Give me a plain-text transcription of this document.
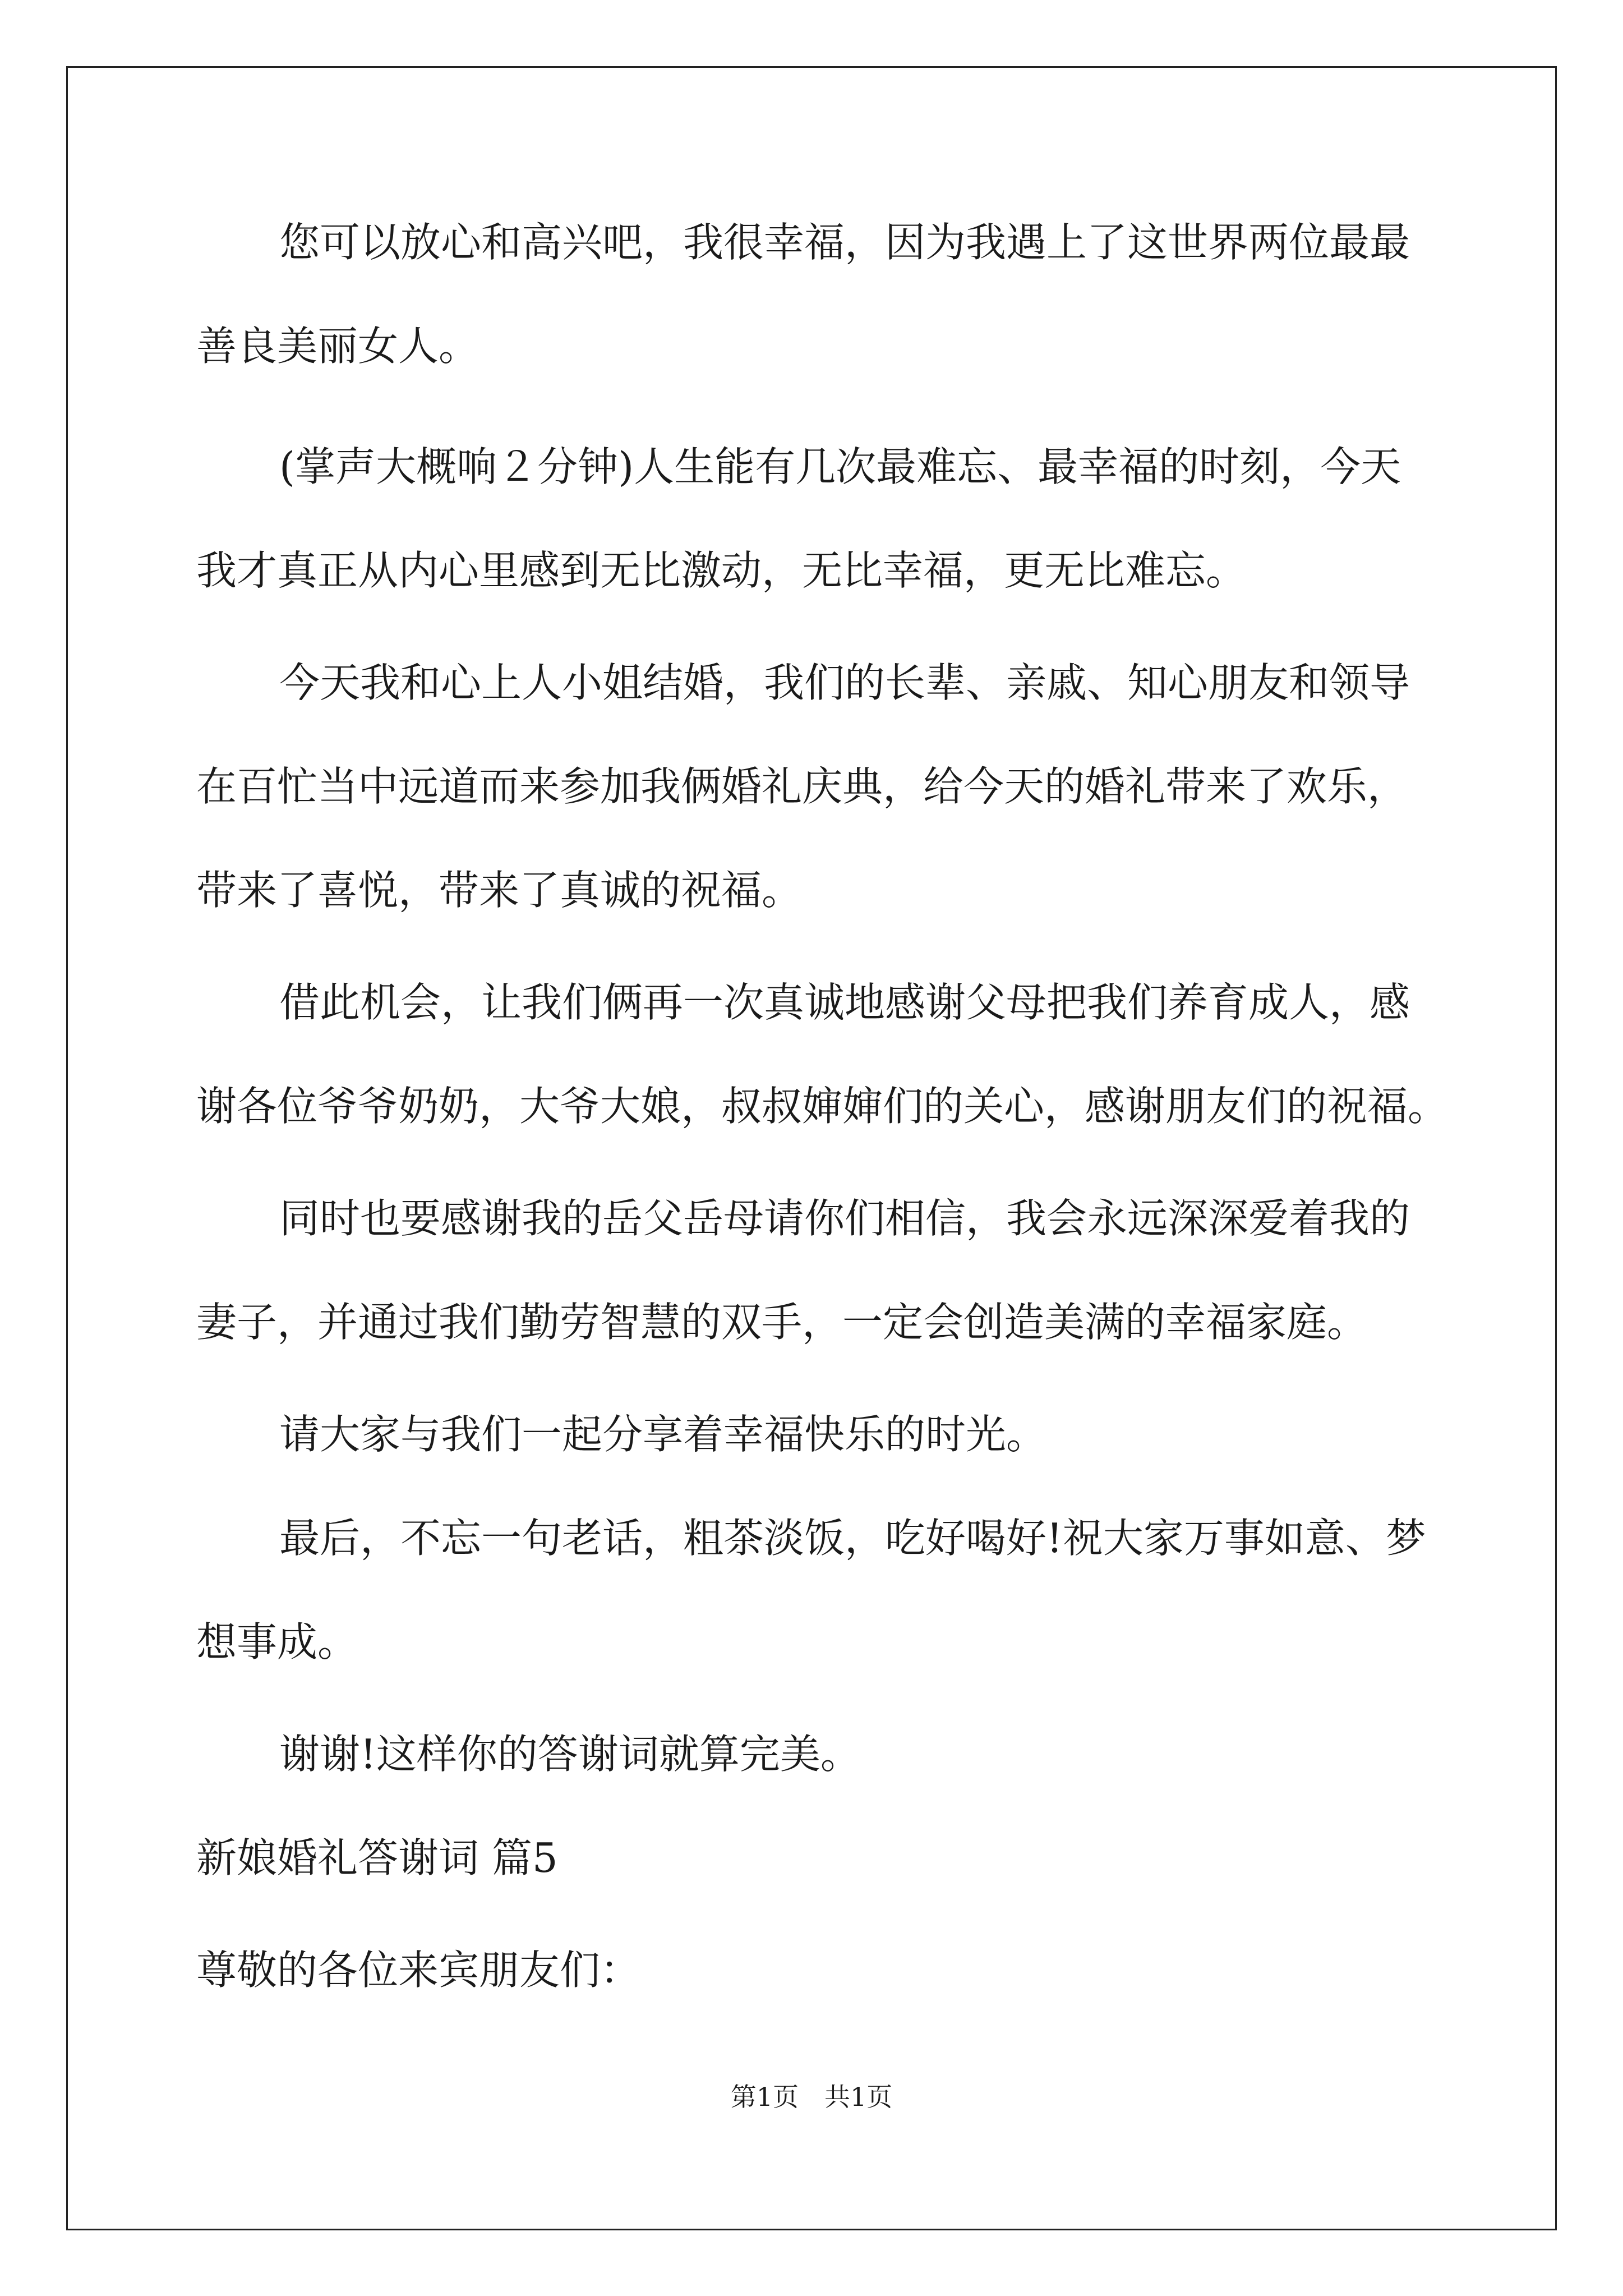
您可以放心和高兴吧，我很幸福，因为我遇上了这世界两位最最

善良美丽女人。

(掌声大概响２分钟)人生能有几次最难忘、最幸福的时刻，今天

我才真正从内心里感到无比激动，无比幸福，更无比难忘。

今天我和心上人小姐结婚，我们的长辈、亲戚、知心朋友和领导

在百忙当中远道而来参加我俩婚礼庆典，给今天的婚礼带来了欢乐，

带来了喜悦，带来了真诚的祝福。

借此机会，让我们俩再一次真诚地感谢父母把我们养育成人，感

谢各位爷爷奶奶，大爷大娘，叔叔婶婶们的关心，感谢朋友们的祝福。

同时也要感谢我的岳父岳母请你们相信，我会永远深深爱着我的

妻子，并通过我们勤劳智慧的双手，一定会创造美满的幸福家庭。

请大家与我们一起分享着幸福快乐的时光。

最后，不忘一句老话，粗茶淡饭，吃好喝好!祝大家万事如意、梦

想事成。

谢谢!这样你的答谢词就算完美。

新娘婚礼答谢词 篇5

尊敬的各位来宾朋友们：

第1页　共1页
